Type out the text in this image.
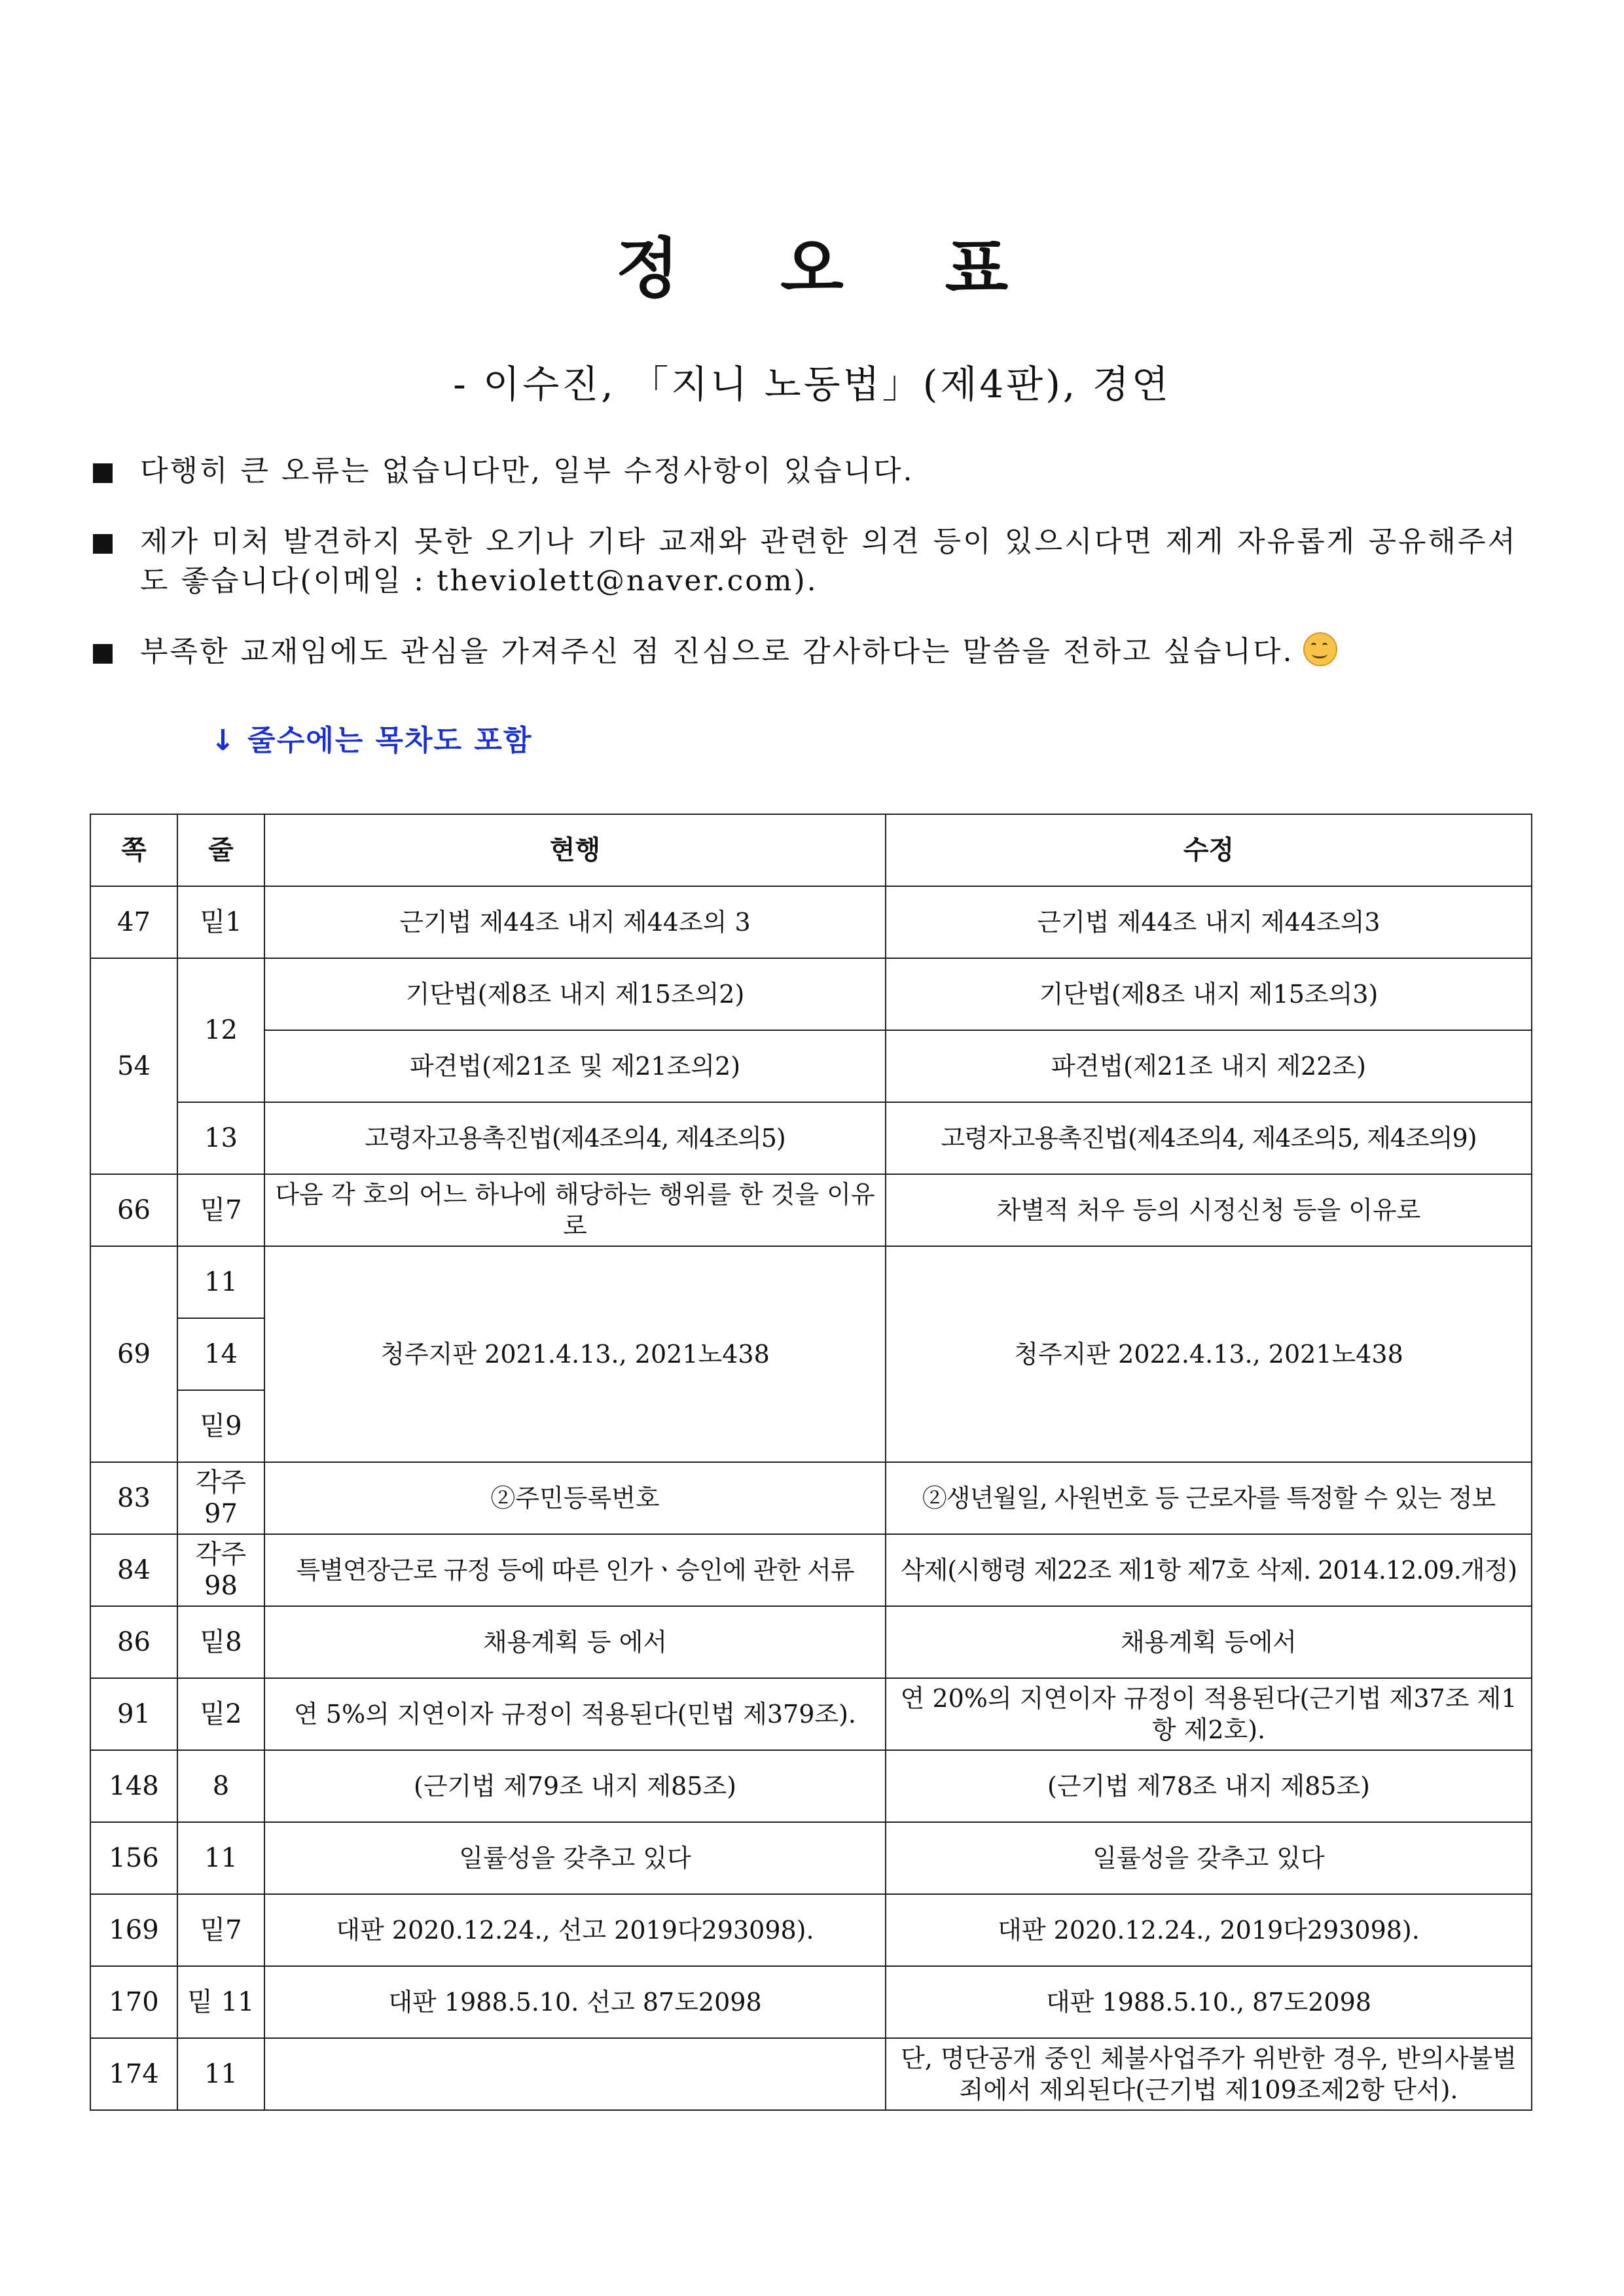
정 오 표
- 이수진, 「지니 노동법」(제4판), 경연
다행히 큰 오류는 없습니다만, 일부 수정사항이 있습니다.
제가 미처 발견하지 못한 오기나 기타 교재와 관련한 의견 등이 있으시다면 제게 자유롭게 공유해주셔도 좋습니다(이메일 : theviolett@naver.com).
부족한 교재임에도 관심을 가져주신 점 진심으로 감사하다는 말씀을 전하고 싶습니다.
↓ 줄수에는 목차도 포함
쪽	줄	현행	수정
47	밑1	근기법 제44조 내지 제44조의 3	근기법 제44조 내지 제44조의3
54	12	기단법(제8조 내지 제15조의2)	기단법(제8조 내지 제15조의3)
		파견법(제21조 및 제21조의2)	파견법(제21조 내지 제22조)
	13	고령자고용촉진법(제4조의4, 제4조의5)	고령자고용촉진법(제4조의4, 제4조의5, 제4조의9)
66	밑7	다음 각 호의 어느 하나에 해당하는 행위를 한 것을 이유로	차별적 처우 등의 시정신청 등을 이유로
69	11	청주지판 2021.4.13., 2021노438	청주지판 2022.4.13., 2021노438
	14		
	밑9		
83	각주 97	②주민등록번호	②생년월일, 사원번호 등 근로자를 특정할 수 있는 정보
84	각주 98	특별연장근로 규정 등에 따른 인가ㆍ승인에 관한 서류	삭제(시행령 제22조 제1항 제7호 삭제. 2014.12.09.개정)
86	밑8	채용계획 등 에서	채용계획 등에서
91	밑2	연 5%의 지연이자 규정이 적용된다(민법 제379조).	연 20%의 지연이자 규정이 적용된다(근기법 제37조 제1항 제2호).
148	8	(근기법 제79조 내지 제85조)	(근기법 제78조 내지 제85조)
156	11	일률성을 갖추고 있다	일률성을 갖추고 있다
169	밑7	대판 2020.12.24., 선고 2019다293098).	대판 2020.12.24., 2019다293098).
170	밑 11	대판 1988.5.10. 선고 87도2098	대판 1988.5.10., 87도2098
174	11		단, 명단공개 중인 체불사업주가 위반한 경우, 반의사불벌죄에서 제외된다(근기법 제109조제2항 단서).
